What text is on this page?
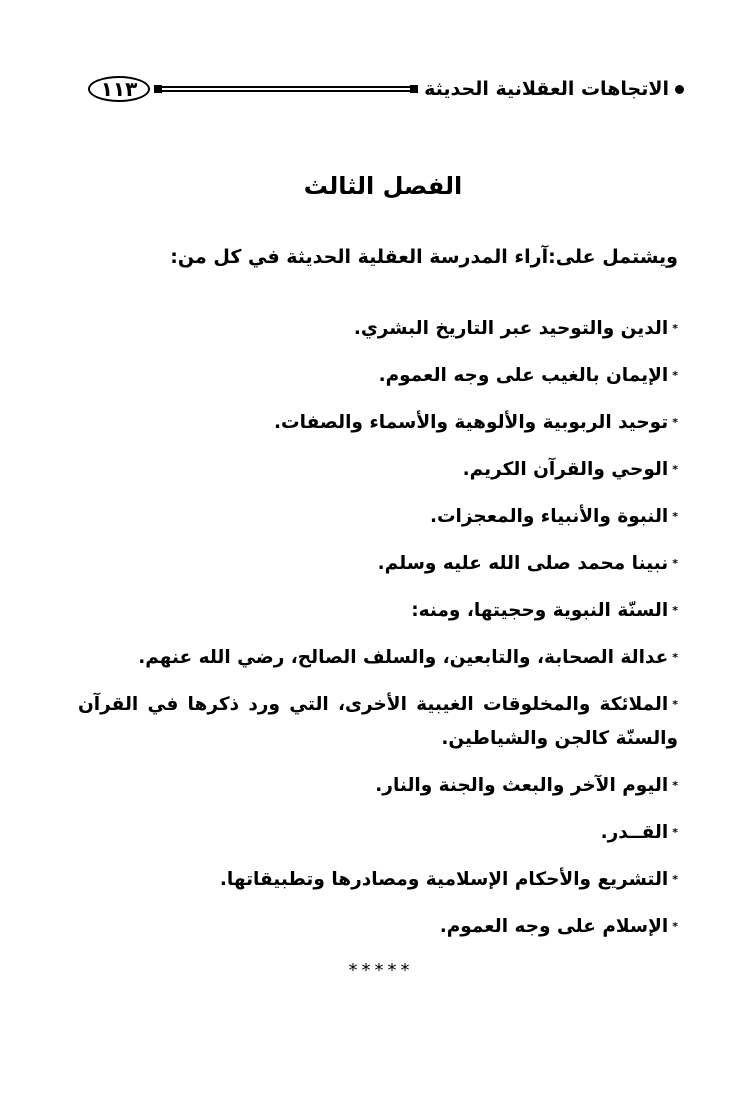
١١٣	الاتجاهات العقلانية الحديثة
الفصل الثالث
ويشتمل على:آراء المدرسة العقلية الحديثة في كل من:
*الدين والتوحيد عبر التاريخ البشري.
*الإيمان بالغيب على وجه العموم.
*توحيد الربوبية والألوهية والأسماء والصفات.
*الوحي والقرآن الكريم.
*النبوة والأنبياء والمعجزات.
*نبينا محمد صلى الله عليه وسلم.
*السنّة النبوية وحجيتها، ومنه:
*عدالة الصحابة، والتابعين، والسلف الصالح، رضي الله عنهم.
*الملائكة والمخلوقات الغيبية الأخرى، التي ورد ذكرها في القرآن والسنّة كالجن والشياطين.
*اليوم الآخر والبعث والجنة والنار.
*القــدر.
*التشريع والأحكام الإسلامية ومصادرها وتطبيقاتها.
*الإسلام على وجه العموم.
*****
